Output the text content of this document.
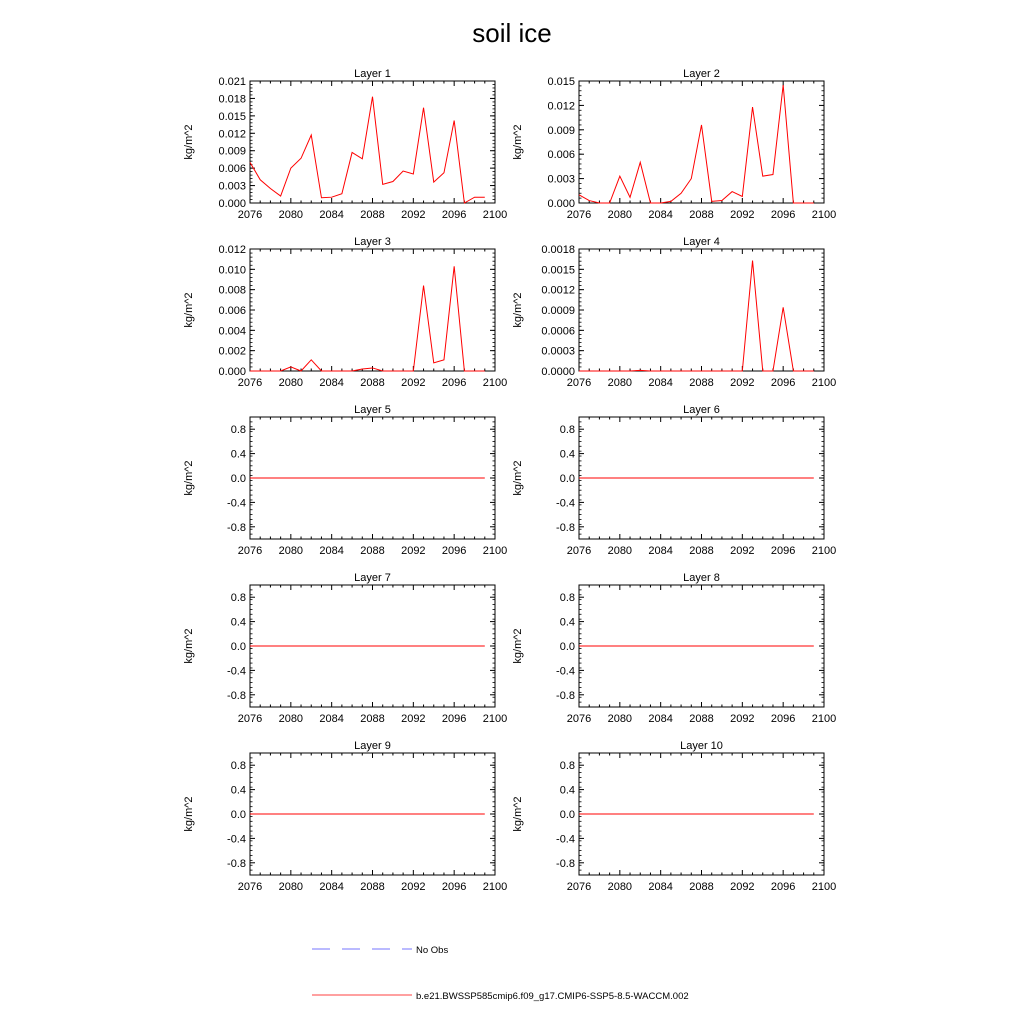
soil ice
Layer 1
kg/m^2
2076 2080 2084 2088 2092 2096 2100
0.000
0.003
0.006
0.009
0.012
0.015
0.018
0.021
Layer 2
kg/m^2
2076 2080 2084 2088 2092 2096 2100
0.000
0.003
0.006
0.009
0.012
0.015
Layer 3
kg/m^2
2076 2080 2084 2088 2092 2096 2100
0.000
0.002
0.004
0.006
0.008
0.010
0.012
Layer 4
kg/m^2
2076 2080 2084 2088 2092 2096 2100
0.0000
0.0003
0.0006
0.0009
0.0012
0.0015
0.0018
Layer 5
kg/m^2
2076 2080 2084 2088 2092 2096 2100
-0.8
-0.4
0.0
0.4
0.8
Layer 6
kg/m^2
2076 2080 2084 2088 2092 2096 2100
-0.8
-0.4
0.0
0.4
0.8
Layer 7
kg/m^2
2076 2080 2084 2088 2092 2096 2100
-0.8
-0.4
0.0
0.4
0.8
Layer 8
kg/m^2
2076 2080 2084 2088 2092 2096 2100
-0.8
-0.4
0.0
0.4
0.8
Layer 9
kg/m^2
2076 2080 2084 2088 2092 2096 2100
-0.8
-0.4
0.0
0.4
0.8
Layer 10
kg/m^2
2076 2080 2084 2088 2092 2096 2100
-0.8
-0.4
0.0
0.4
0.8
No Obs
b.e21.BWSSP585cmip6.f09_g17.CMIP6-SSP5-8.5-WACCM.002
